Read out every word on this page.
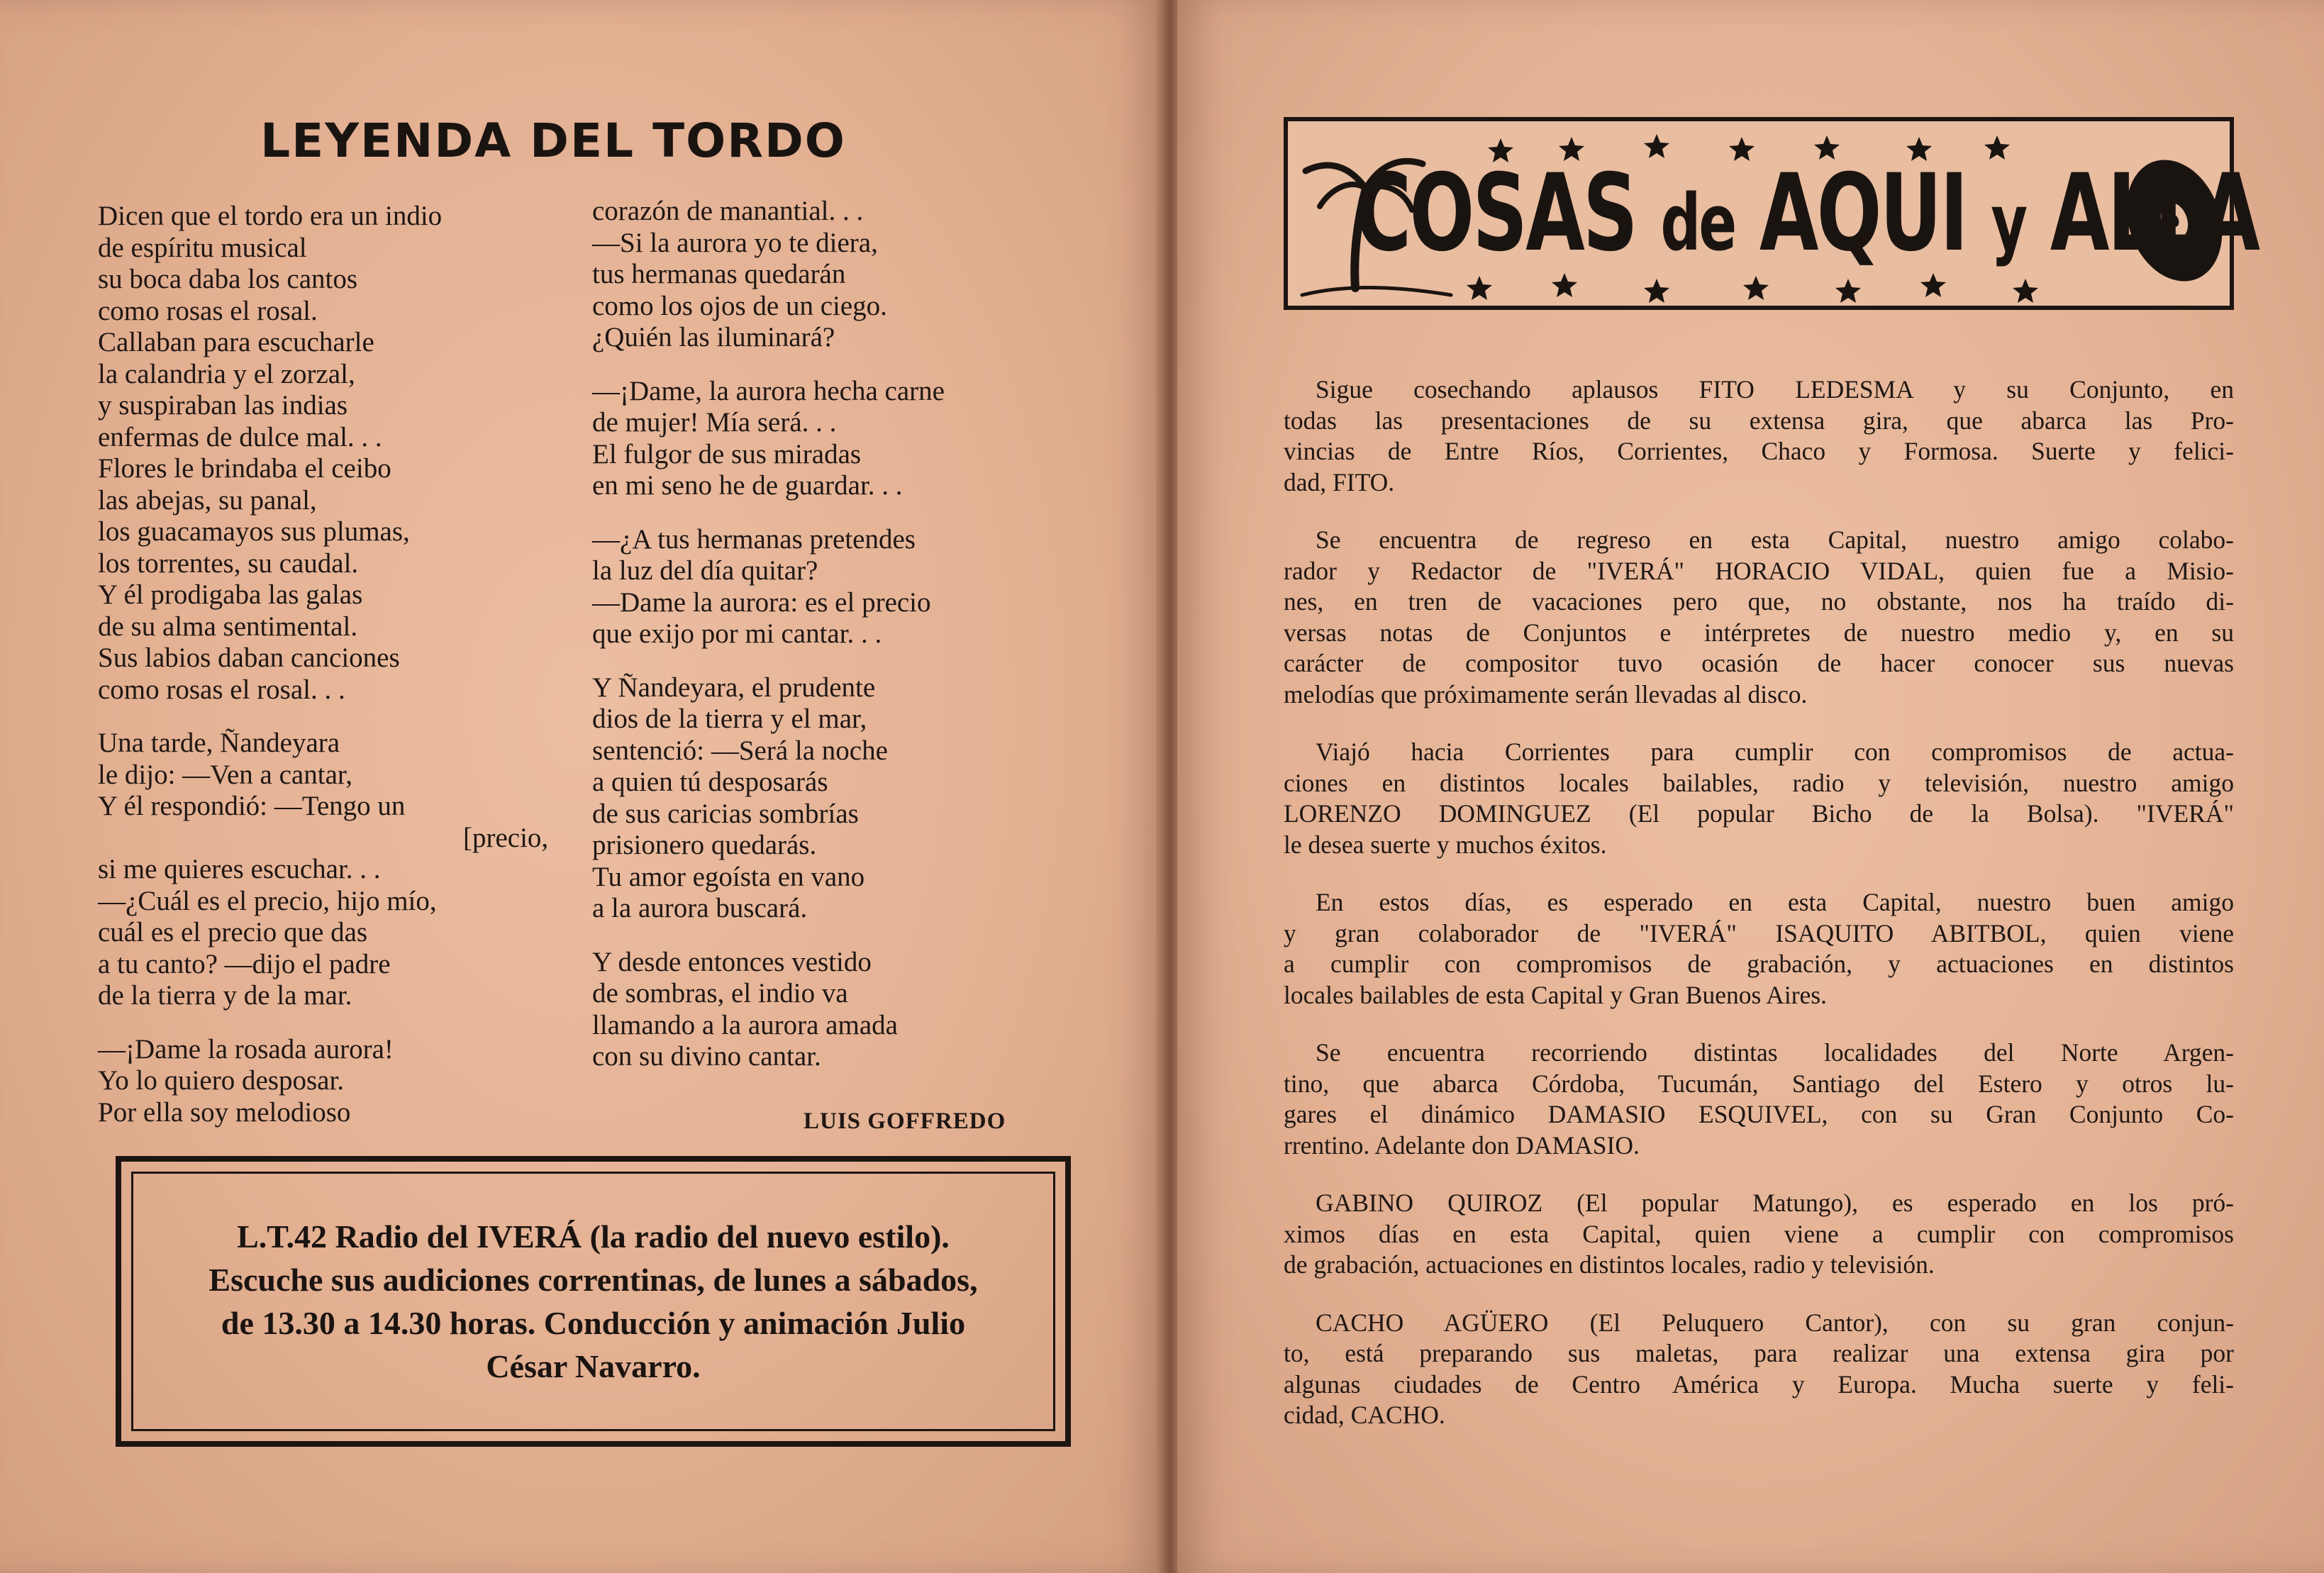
LEYENDA DEL TORDO
Dicen que el tordo era un indio
de espíritu musical
su boca daba los cantos
como rosas el rosal.
Callaban para escucharle
la calandria y el zorzal,
y suspiraban las indias
enfermas de dulce mal. . .
Flores le brindaba el ceibo
las abejas, su panal,
los guacamayos sus plumas,
los torrentes, su caudal.
Y él prodigaba las galas
de su alma sentimental.
Sus labios daban canciones
como rosas el rosal. . .
Una tarde, Ñandeyara
le dijo: —Ven a cantar,
Y él respondió: —Tengo un
[precio,
si me quieres escuchar. . .
—¿Cuál es el precio, hijo mío,
cuál es el precio que das
a tu canto? —dijo el padre
de la tierra y de la mar.
—¡Dame la rosada aurora!
Yo lo quiero desposar.
Por ella soy melodioso
corazón de manantial. . .
—Si la aurora yo te diera,
tus hermanas quedarán
como los ojos de un ciego.
¿Quién las iluminará?
—¡Dame, la aurora hecha carne
de mujer! Mía será. . .
El fulgor de sus miradas
en mi seno he de guardar. . .
—¿A tus hermanas pretendes
la luz del día quitar?
—Dame la aurora: es el precio
que exijo por mi cantar. . .
Y Ñandeyara, el prudente
dios de la tierra y el mar,
sentenció: —Será la noche
a quien tú desposarás
de sus caricias sombrías
prisionero quedarás.
Tu amor egoísta en vano
a la aurora buscará.
Y desde entonces vestido
de sombras, el indio va
llamando a la aurora amada
con su divino cantar.
LUIS GOFFREDO
L.T.42 Radio del IVERÁ (la radio del nuevo estilo).
Escuche sus audiciones correntinas, de lunes a sábados,
de 13.30 a 14.30 horas. Conducción y animación Julio
César Navarro.
COSAS de AQUI y ALLA

Sigue cosechando aplausos FITO LEDESMA y su Conjunto, en
todas las presentaciones de su extensa gira, que abarca las Pro-
vincias de Entre Ríos, Corrientes, Chaco y Formosa. Suerte y felici-
dad, FITO.

Se encuentra de regreso en esta Capital, nuestro amigo colabo-
rador y Redactor de "IVERÁ" HORACIO VIDAL, quien fue a Misio-
nes, en tren de vacaciones pero que, no obstante, nos ha traído di-
versas notas de Conjuntos e intérpretes de nuestro medio y, en su
carácter de compositor tuvo ocasión de hacer conocer sus nuevas
melodías que próximamente serán llevadas al disco.

Viajó hacia Corrientes para cumplir con compromisos de actua-
ciones en distintos locales bailables, radio y televisión, nuestro amigo
LORENZO DOMINGUEZ (El popular Bicho de la Bolsa). "IVERÁ"
le desea suerte y muchos éxitos.

En estos días, es esperado en esta Capital, nuestro buen amigo
y gran colaborador de "IVERÁ" ISAQUITO ABITBOL, quien viene
a cumplir con compromisos de grabación, y actuaciones en distintos
locales bailables de esta Capital y Gran Buenos Aires.

Se encuentra recorriendo distintas localidades del Norte Argen-
tino, que abarca Córdoba, Tucumán, Santiago del Estero y otros lu-
gares el dinámico DAMASIO ESQUIVEL, con su Gran Conjunto Co-
rrentino. Adelante don DAMASIO.

GABINO QUIROZ (El popular Matungo), es esperado en los pró-
ximos días en esta Capital, quien viene a cumplir con compromisos
de grabación, actuaciones en distintos locales, radio y televisión.

CACHO AGÜERO (El Peluquero Cantor), con su gran conjun-
to, está preparando sus maletas, para realizar una extensa gira por
algunas ciudades de Centro América y Europa. Mucha suerte y feli-
cidad, CACHO.
